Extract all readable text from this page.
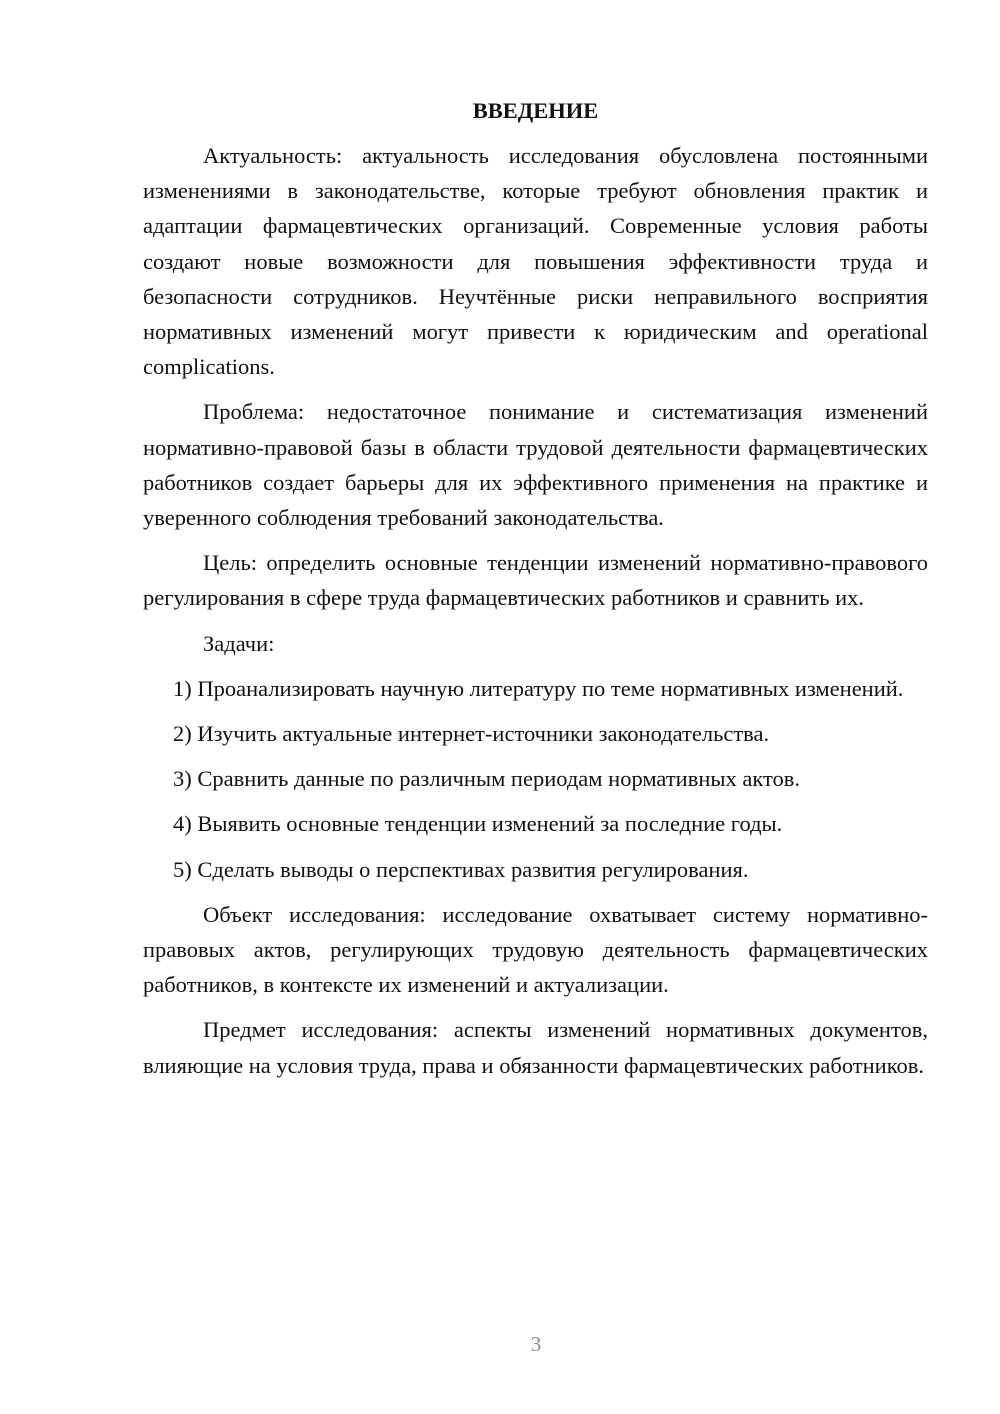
ВВЕДЕНИЕ

Актуальность: актуальность исследования обусловлена постоянными изменениями в законодательстве, которые требуют обновления практик и адаптации фармацевтических организаций. Современные условия работы создают новые возможности для повышения эффективности труда и безопасности сотрудников. Неучтённые риски неправильного восприятия нормативных изменений могут привести к юридическим and operational complications.

Проблема: недостаточное понимание и систематизация изменений нормативно-правовой базы в области трудовой деятельности фармацевтических работников создает барьеры для их эффективного применения на практике и уверенного соблюдения требований законодательства.

Цель: определить основные тенденции изменений нормативно-правового регулирования в сфере труда фармацевтических работников и сравнить их.

Задачи:

1) Проанализировать научную литературу по теме нормативных изменений.

2) Изучить актуальные интернет-источники законодательства.

3) Сравнить данные по различным периодам нормативных актов.

4) Выявить основные тенденции изменений за последние годы.

5) Сделать выводы о перспективах развития регулирования.

Объект исследования: исследование охватывает систему нормативно-правовых актов, регулирующих трудовую деятельность фармацевтических работников, в контексте их изменений и актуализации.

Предмет исследования: аспекты изменений нормативных документов, влияющие на условия труда, права и обязанности фармацевтических работников.

3
